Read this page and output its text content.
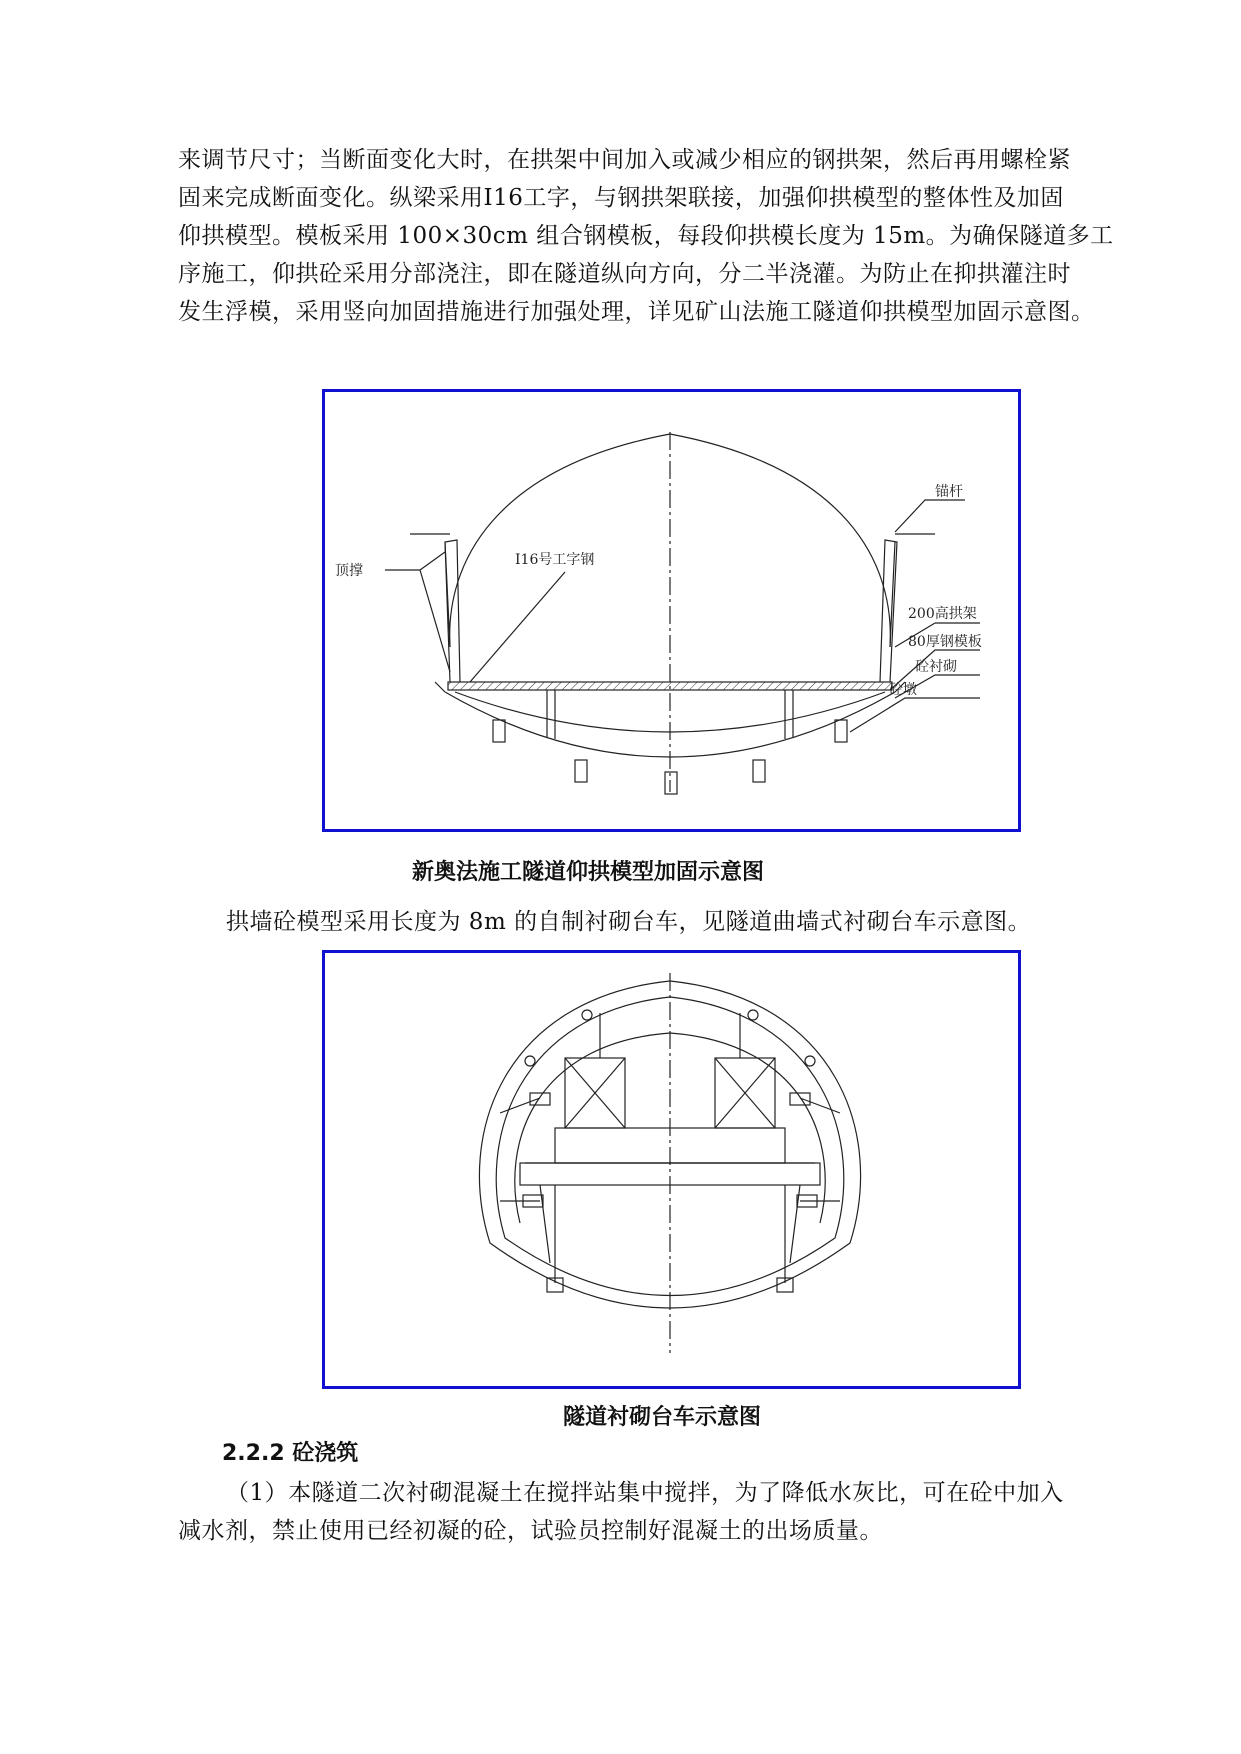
来调节尺寸；当断面变化大时，在拱架中间加入或减少相应的钢拱架，然后再用螺栓紧
固来完成断面变化。纵梁采用Ⅰ16工字，与钢拱架联接，加强仰拱模型的整体性及加固
仰拱模型。模板采用 100×30cm 组合钢模板，每段仰拱模长度为 15m。为确保隧道多工
序施工，仰拱砼采用分部浇注，即在隧道纵向方向，分二半浇灌。为防止在抑拱灌注时
发生浮模，采用竖向加固措施进行加强处理，详见矿山法施工隧道仰拱模型加固示意图。
锚杆
顶撑
I16号工字钢
200高拱架
80厚钢模板
砼衬砌
砼墩
新奥法施工隧道仰拱模型加固示意图
拱墙砼模型采用长度为 8m 的自制衬砌台车，见隧道曲墙式衬砌台车示意图。
隧道衬砌台车示意图
2.2.2 砼浇筑
（1）本隧道二次衬砌混凝土在搅拌站集中搅拌，为了降低水灰比，可在砼中加入
减水剂，禁止使用已经初凝的砼，试验员控制好混凝土的出场质量。
